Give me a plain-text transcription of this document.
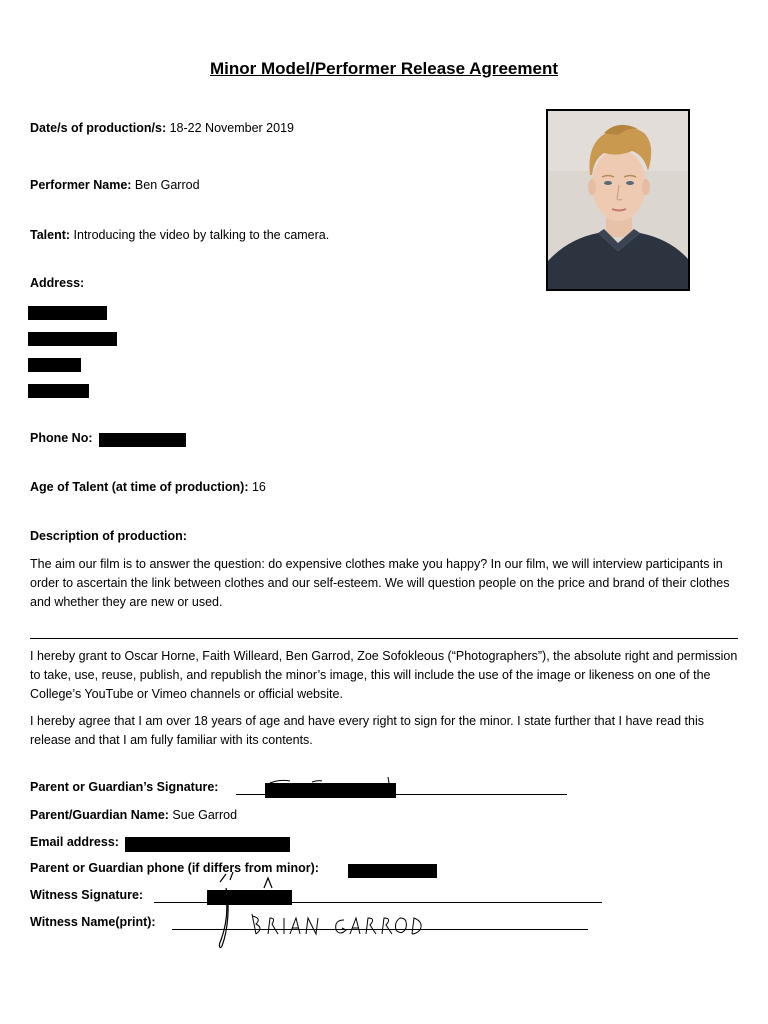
Minor Model/Performer Release Agreement
Date/s of production/s: 18-22 November 2019
Performer Name: Ben Garrod
Talent: Introducing the video by talking to the camera.
Address:
Phone No:
Age of Talent (at time of production): 16
Description of production:
The aim our film is to answer the question: do expensive clothes make you happy? In our film, we will interview participants in order to ascertain the link between clothes and our self-esteem. We will question people on the price and brand of their clothes and whether they are new or used.
I hereby grant to Oscar Horne, Faith Willeard, Ben Garrod, Zoe Sofokleous (“Photographers”), the absolute right and permission to take, use, reuse, publish, and republish the minor’s image, this will include the use of the image or likeness on one of the College’s YouTube or Vimeo channels or official website.
I hereby agree that I am over 18 years of age and have every right to sign for the minor. I state further that I have read this release and that I am fully familiar with its contents.
Parent or Guardian’s Signature:
Parent/Guardian Name: Sue Garrod
Email address:
Parent or Guardian phone (if differs from minor):
Witness Signature:
Witness Name(print):
